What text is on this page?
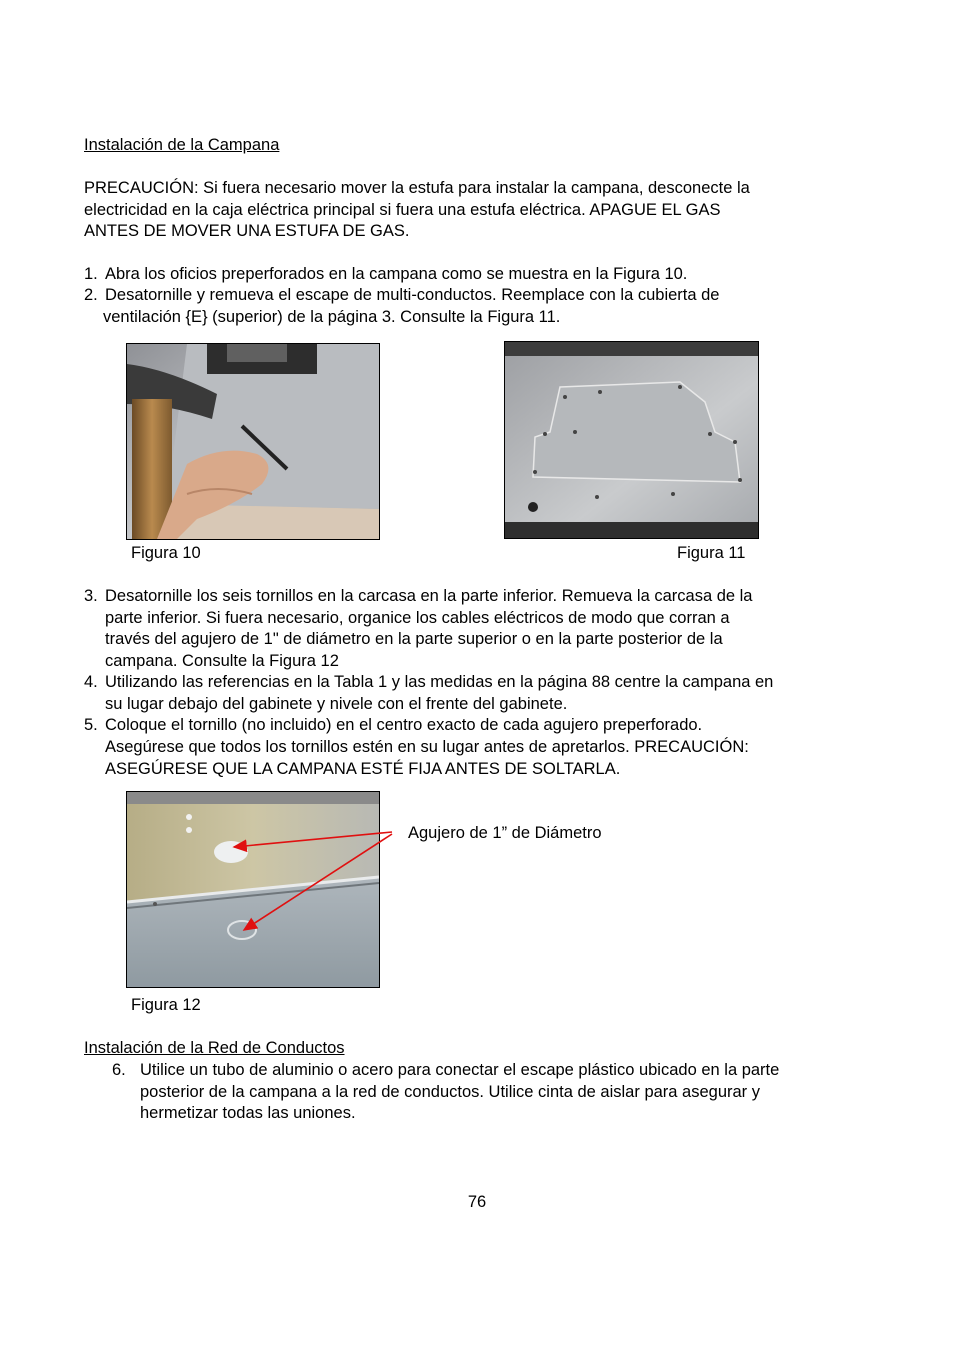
Instalación de la Campana
PRECAUCIÓN: Si fuera necesario mover la estufa para instalar la campana, desconecte la
electricidad en la caja eléctrica principal si fuera una estufa eléctrica. APAGUE EL GAS
ANTES DE MOVER UNA ESTUFA DE GAS.
1. Abra los oficios preperforados en la campana como se muestra en la Figura 10.
2. Desatornille y remueva el escape de multi-conductos. Reemplace con la cubierta de
ventilación {E} (superior) de la página 3. Consulte la Figura 11.
Figura 10	Figura 11
3. Desatornille los seis tornillos en la carcasa en la parte inferior. Remueva la carcasa de la
parte inferior. Si fuera necesario, organice los cables eléctricos de modo que corran a
través del agujero de 1" de diámetro en la parte superior o en la parte posterior de la
campana. Consulte la Figura 12
4. Utilizando las referencias en la Tabla 1 y las medidas en la página 88 centre la campana en
su lugar debajo del gabinete y nivele con el frente del gabinete.
5. Coloque el tornillo (no incluido) en el centro exacto de cada agujero preperforado.
Asegúrese que todos los tornillos estén en su lugar antes de apretarlos. PRECAUCIÓN:
ASEGÚRESE QUE LA CAMPANA ESTÉ FIJA ANTES DE SOLTARLA.
Agujero de 1” de Diámetro
Figura 12
Instalación de la Red de Conductos
6. Utilice un tubo de aluminio o acero para conectar el escape plástico ubicado en la parte
posterior de la campana a la red de conductos. Utilice cinta de aislar para asegurar y
hermetizar todas las uniones.
76
